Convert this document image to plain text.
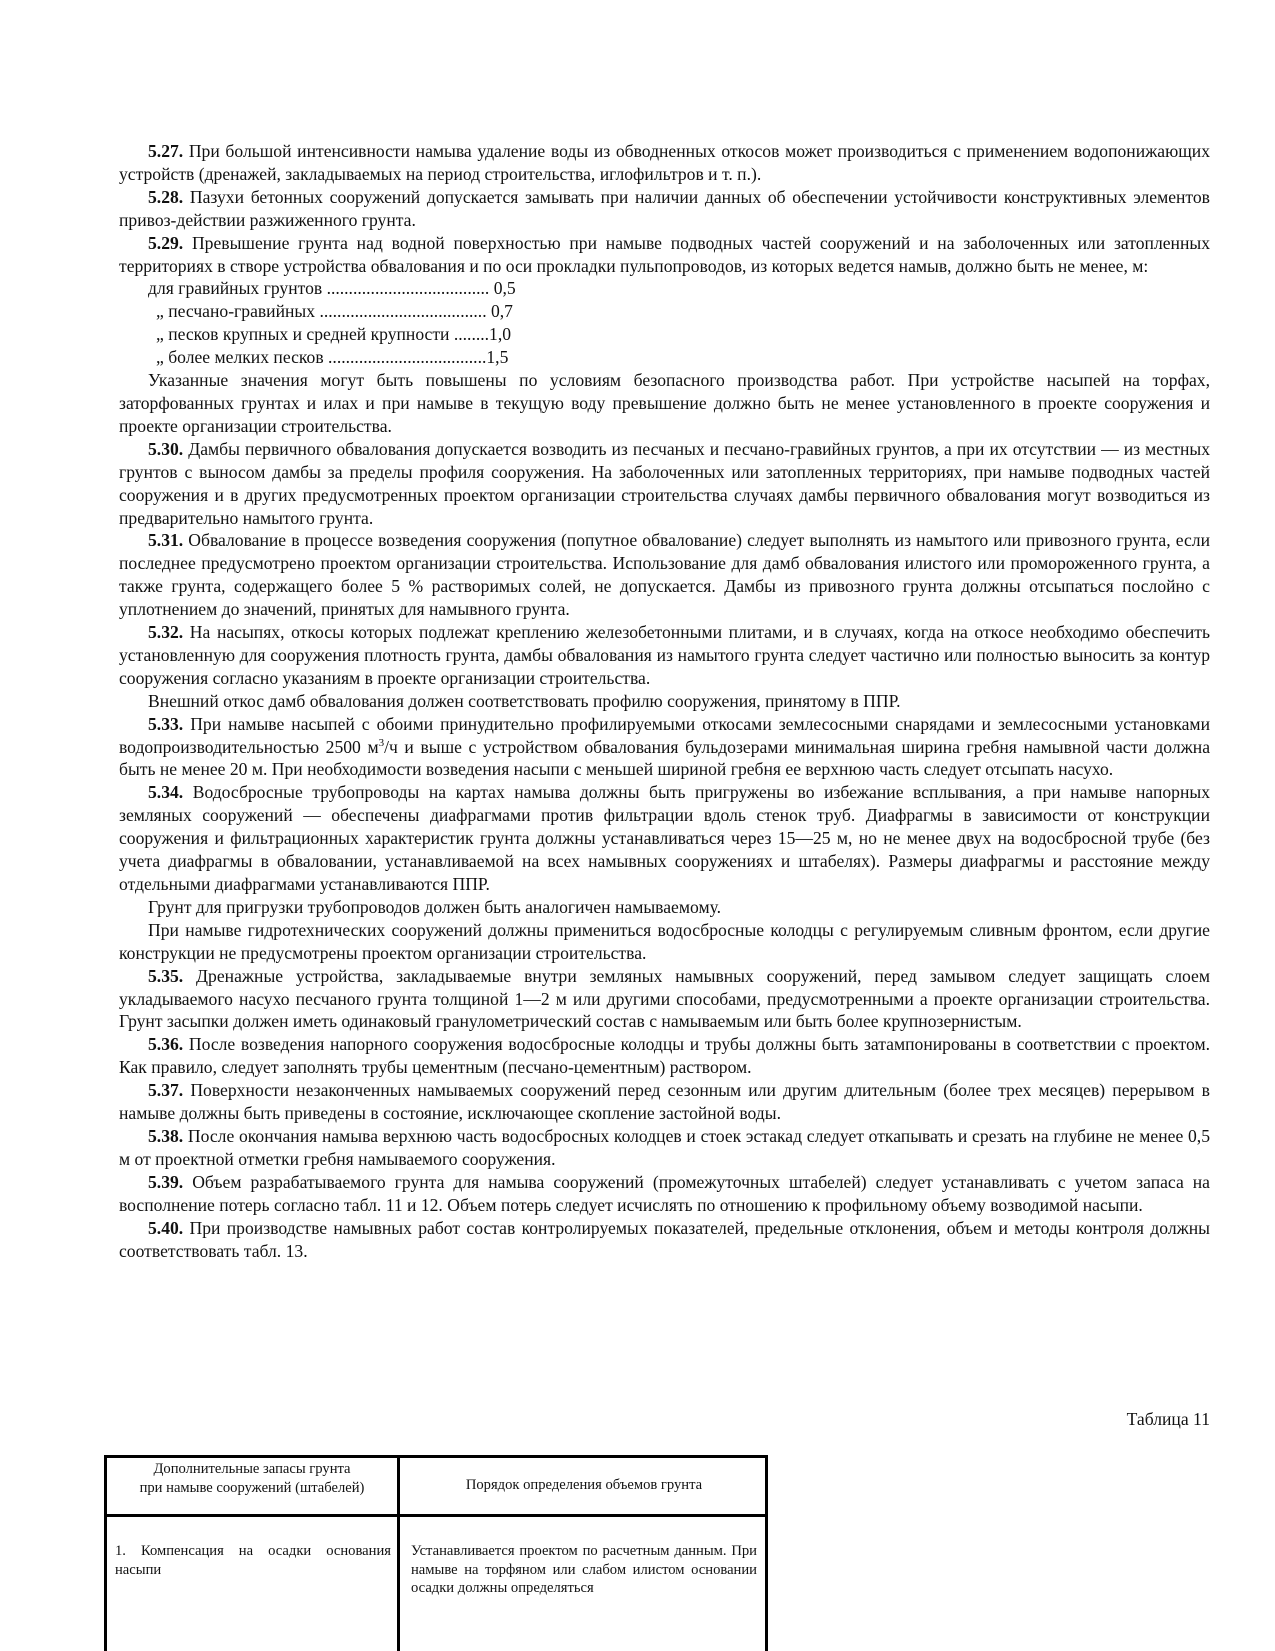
5.27. При большой интенсивности намыва удаление воды из обводненных откосов может производиться с применением водопонижающих устройств (дренажей, закладываемых на период строительства, иглофильтров и т. п.).

5.28. Пазухи бетонных сооружений допускается замывать при наличии данных об обеспечении устойчивости конструктивных элементов привоз-действии разжиженного грунта.

5.29. Превышение грунта над водной поверхностью при намыве подводных частей сооружений и на заболоченных или затопленных территориях в створе устройства обвалования и по оси прокладки пульпопроводов, из которых ведется намыв, должно быть не менее, м:

для гравийных грунтов ..................................... 0,5

„ песчано-гравийных ...................................... 0,7

„ песков крупных и средней крупности ........1,0

„ более мелких песков ....................................1,5

Указанные значения могут быть повышены по условиям безопасного производства работ. При устройстве насыпей на торфах, заторфованных грунтах и илах и при намыве в текущую воду превышение должно быть не менее установленного в проекте сооружения и проекте организации строительства.

5.30. Дамбы первичного обвалования допускается возводить из песчаных и песчано-гравийных грунтов, а при их отсутствии — из местных грунтов с выносом дамбы за пределы профиля сооружения. На заболоченных или затопленных территориях, при намыве подводных частей сооружения и в других предусмотренных проектом организации строительства случаях дамбы первичного обвалования могут возводиться из предварительно намытого грунта.

5.31. Обвалование в процессе возведения сооружения (попутное обвалование) следует выполнять из намытого или привозного грунта, если последнее предусмотрено проектом организации строительства. Использование для дамб обвалования илистого или промороженного грунта, а также грунта, содержащего более 5 % растворимых солей, не допускается. Дамбы из привозного грунта должны отсыпаться послойно с уплотнением до значений, принятых для намывного грунта.

5.32. На насыпях, откосы которых подлежат креплению железобетонными плитами, и в случаях, когда на откосе необходимо обеспечить установленную для сооружения плотность грунта, дамбы обвалования из намытого грунта следует частично или полностью выносить за контур сооружения согласно указаниям в проекте организации строительства.

Внешний откос дамб обвалования должен соответствовать профилю сооружения, принятому в ППР.

5.33. При намыве насыпей с обоими принудительно профилируемыми откосами землесосными снарядами и землесосными установками водопроизводительностью 2500 $м^3/ч$ и выше с устройством обвалования бульдозерами минимальная ширина гребня намывной части должна быть не менее 20 м. При необходимости возведения насыпи с меньшей шириной гребня ее верхнюю часть следует отсыпать насухо.

5.34. Водосбросные трубопроводы на картах намыва должны быть пригружены во избежание всплывания, а при намыве напорных земляных сооружений — обеспечены диафрагмами против фильтрации вдоль стенок труб. Диафрагмы в зависимости от конструкции сооружения и фильтрационных характеристик грунта должны устанавливаться через 15—25 м, но не менее двух на водосбросной трубе (без учета диафрагмы в обваловании, устанавливаемой на всех намывных сооружениях и штабелях). Размеры диафрагмы и расстояние между отдельными диафрагмами устанавливаются ППР.

Грунт для пригрузки трубопроводов должен быть аналогичен намываемому.

При намыве гидротехнических сооружений должны примениться водосбросные колодцы с регулируемым сливным фронтом, если другие конструкции не предусмотрены проектом организации строительства.

5.35. Дренажные устройства, закладываемые внутри земляных намывных сооружений, перед замывом следует защищать слоем укладываемого насухо песчаного грунта толщиной 1—2 м или другими способами, предусмотренными а проекте организации строительства. Грунт засыпки должен иметь одинаковый гранулометрический состав с намываемым или быть более крупнозернистым.

5.36. После возведения напорного сооружения водосбросные колодцы и трубы должны быть затампонированы в соответствии с проектом. Как правило, следует заполнять трубы цементным (песчано-цементным) раствором.

5.37. Поверхности незаконченных намываемых сооружений перед сезонным или другим длительным (более трех месяцев) перерывом в намыве должны быть приведены в состояние, исключающее скопление застойной воды.

5.38. После окончания намыва верхнюю часть водосбросных колодцев и стоек эстакад следует откапывать и срезать на глубине не менее 0,5 м от проектной отметки гребня намываемого сооружения.

5.39. Объем разрабатываемого грунта для намыва сооружений (промежуточных штабелей) следует устанавливать с учетом запаса на восполнение потерь согласно табл. 11 и 12. Объем потерь следует исчислять по отношению к профильному объему возводимой насыпи.

5.40. При производстве намывных работ состав контролируемых показателей, предельные отклонения, объем и методы контроля должны соответствовать табл. 13.

Таблица 11
Дополнительные запасы грунта
при намыве сооружений (штабелей)	Порядок определения объемов грунта
1. Компенсация на осадки основания насыпи
Устанавливается проектом по расчетным данным. При намыве на торфяном или слабом илистом основании осадки должны определяться
